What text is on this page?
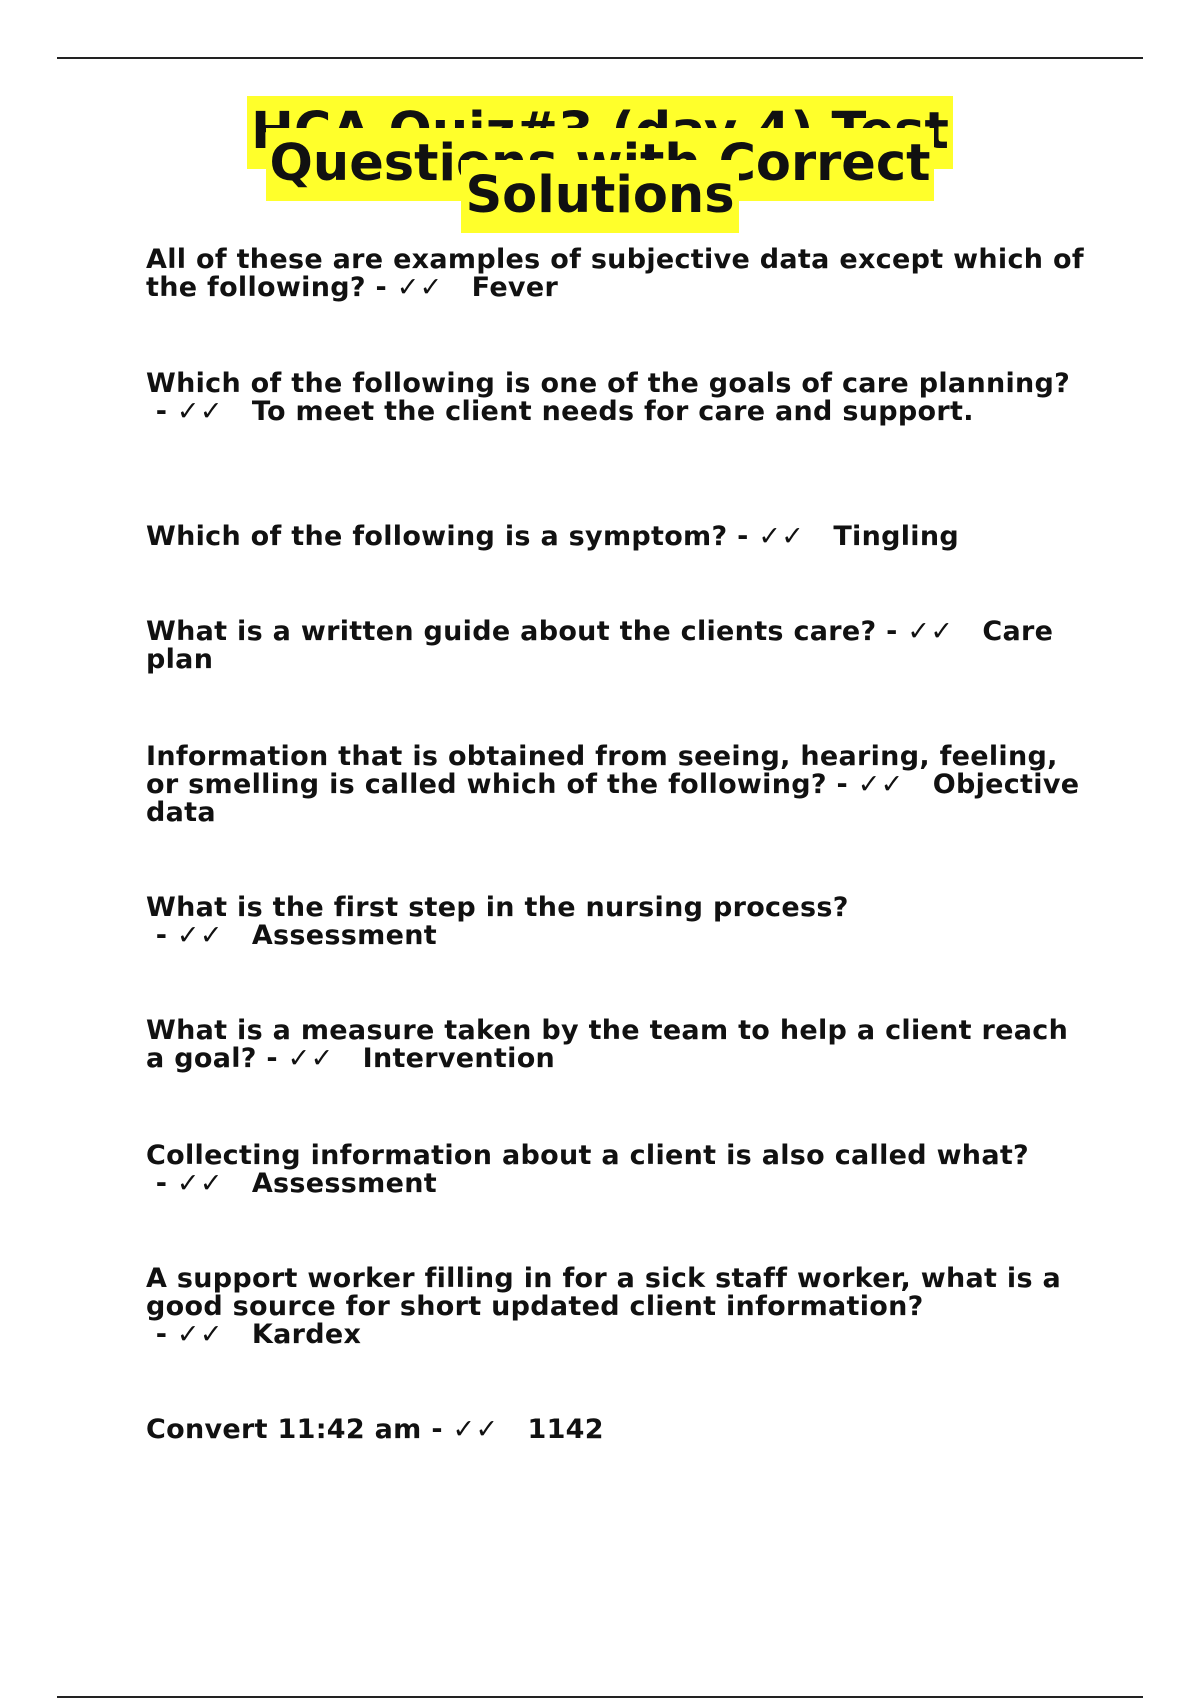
HCA Quiz#3 (day 4) Test Questions with Correct Solutions
All of these are examples of subjective data except which of the following? - ✓✓   Fever
Which of the following is one of the goals of care planning? - ✓✓   To meet the client needs for care and support.
Which of the following is a symptom? - ✓✓   Tingling
What is a written guide about the clients care? - ✓✓   Care plan
Information that is obtained from seeing, hearing, feeling, or smelling is called which of the following? - ✓✓   Objective data
What is the first step in the nursing process? - ✓✓   Assessment
What is a measure taken by the team to help a client reach a goal? - ✓✓   Intervention
Collecting information about a client is also called what? - ✓✓   Assessment
A support worker filling in for a sick staff worker, what is a good source for short updated client information? - ✓✓   Kardex
Convert 11:42 am - ✓✓   1142
